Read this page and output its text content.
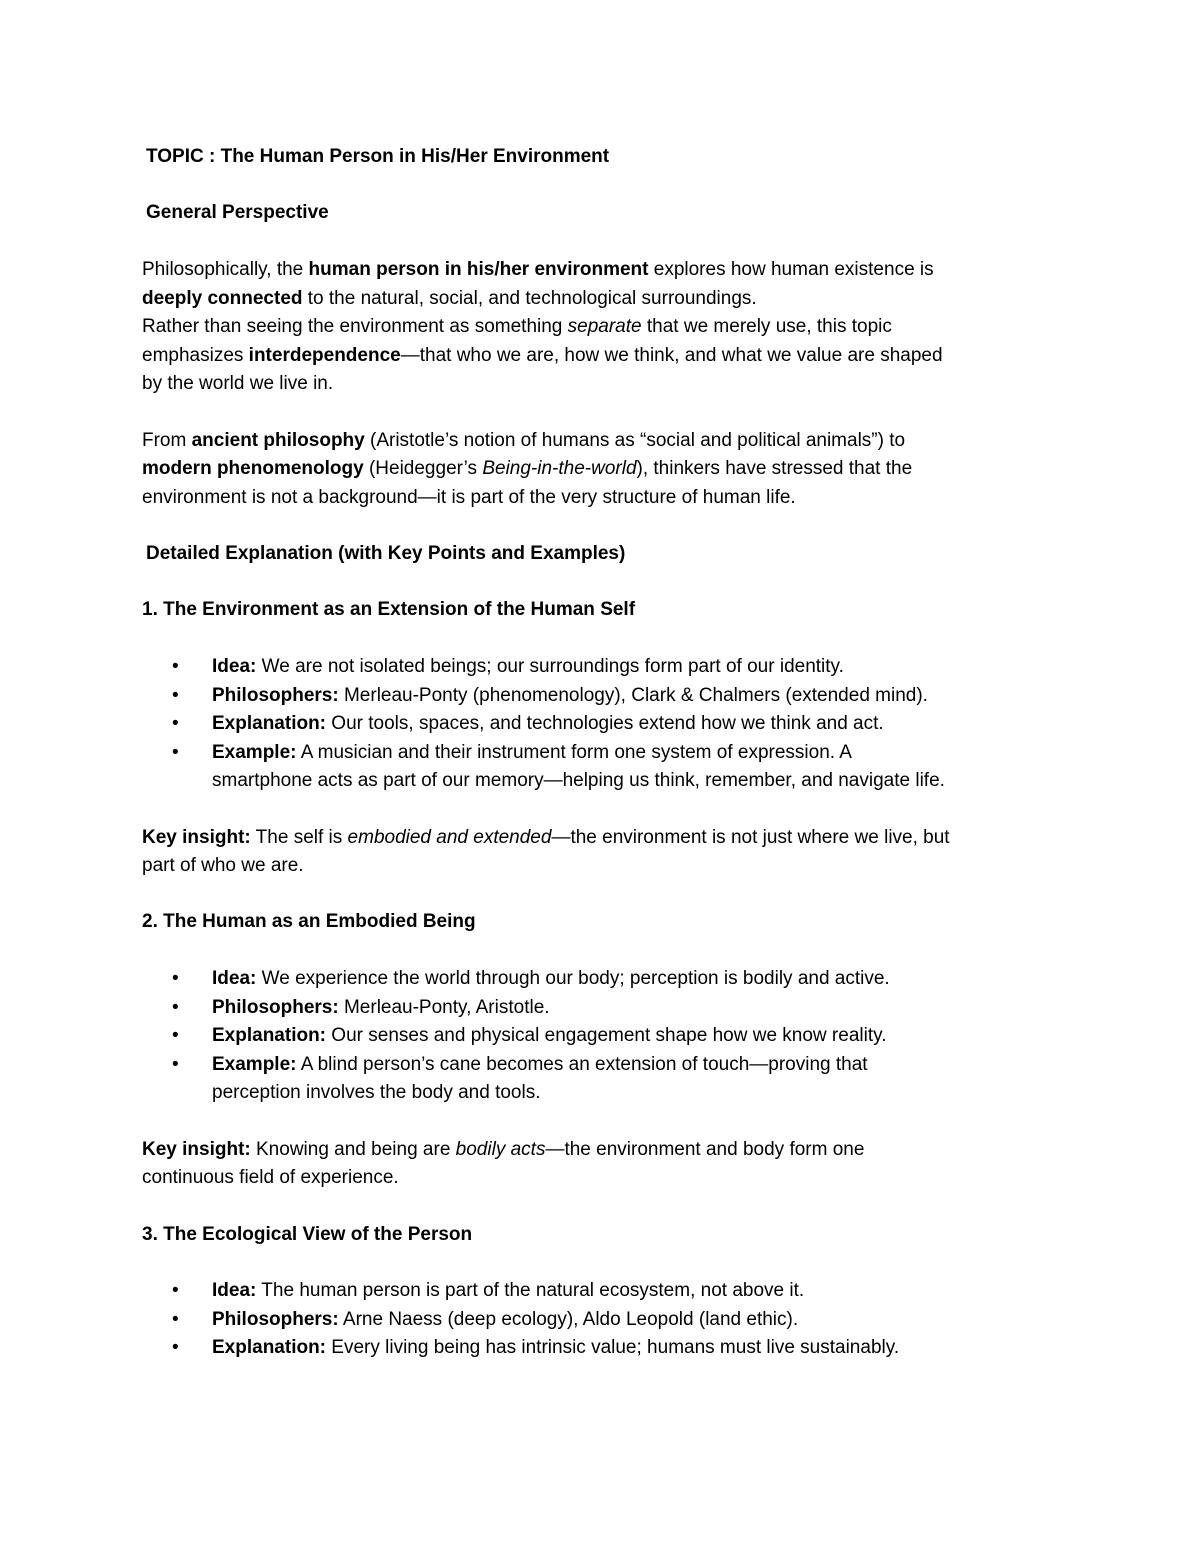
TOPIC : The Human Person in His/Her Environment
General Perspective
Philosophically, the human person in his/her environment explores how human existence is
deeply connected to the natural, social, and technological surroundings.
Rather than seeing the environment as something separate that we merely use, this topic
emphasizes interdependence—that who we are, how we think, and what we value are shaped
by the world we live in.
From ancient philosophy (Aristotle’s notion of humans as “social and political animals”) to
modern phenomenology (Heidegger’s Being-in-the-world), thinkers have stressed that the
environment is not a background—it is part of the very structure of human life.
Detailed Explanation (with Key Points and Examples)
1. The Environment as an Extension of the Human Self
• Idea: We are not isolated beings; our surroundings form part of our identity.
• Philosophers: Merleau-Ponty (phenomenology), Clark & Chalmers (extended mind).
• Explanation: Our tools, spaces, and technologies extend how we think and act.
• Example: A musician and their instrument form one system of expression. A
smartphone acts as part of our memory—helping us think, remember, and navigate life.
Key insight: The self is embodied and extended—the environment is not just where we live, but
part of who we are.
2. The Human as an Embodied Being
• Idea: We experience the world through our body; perception is bodily and active.
• Philosophers: Merleau-Ponty, Aristotle.
• Explanation: Our senses and physical engagement shape how we know reality.
• Example: A blind person’s cane becomes an extension of touch—proving that
perception involves the body and tools.
Key insight: Knowing and being are bodily acts—the environment and body form one
continuous field of experience.
3. The Ecological View of the Person
• Idea: The human person is part of the natural ecosystem, not above it.
• Philosophers: Arne Naess (deep ecology), Aldo Leopold (land ethic).
• Explanation: Every living being has intrinsic value; humans must live sustainably.
